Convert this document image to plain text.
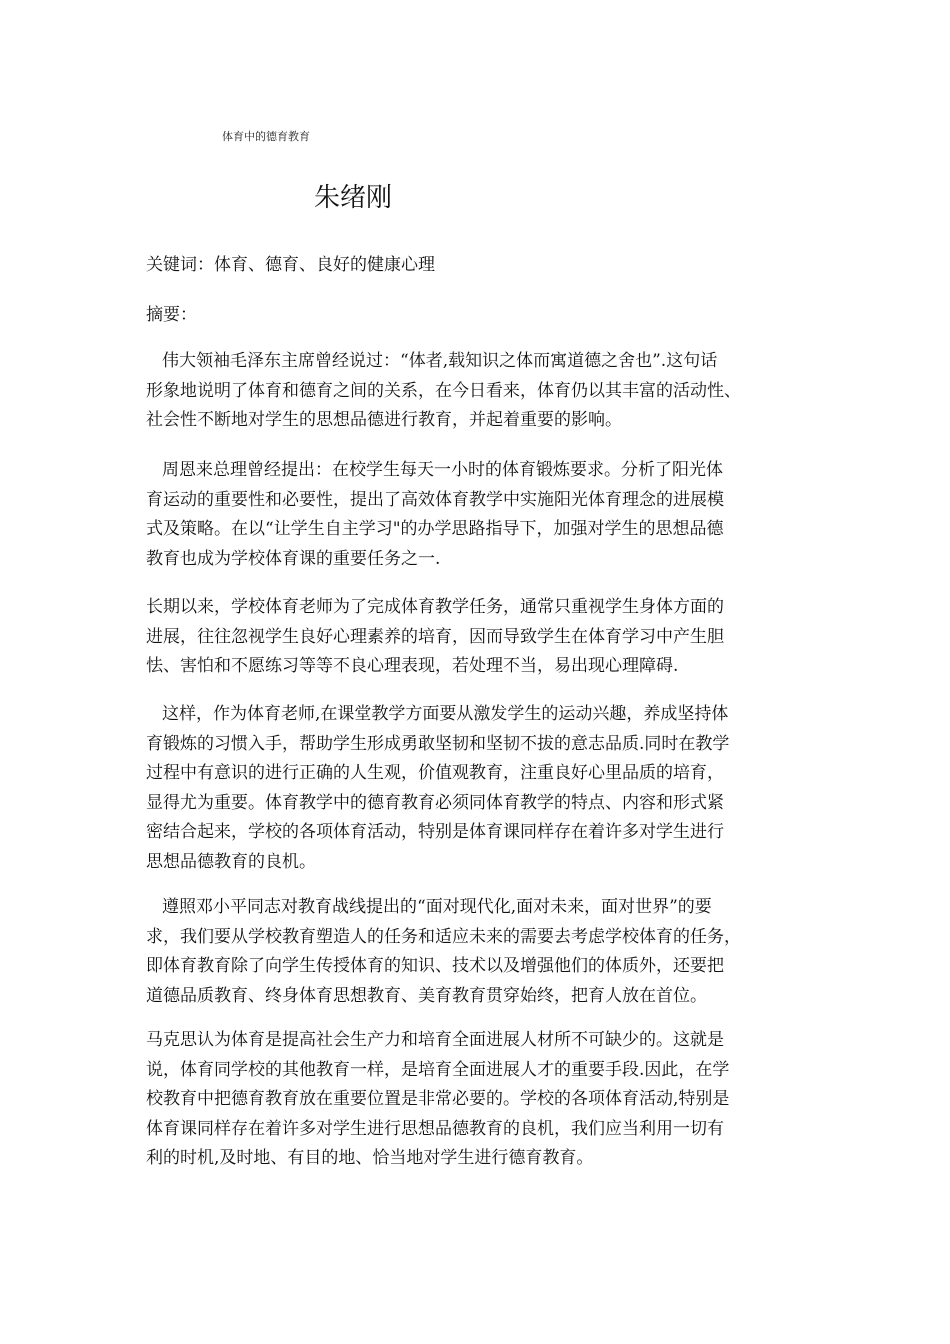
体育中的德育教育
朱绪刚
关键词：体育、德育、良好的健康心理
摘要：

伟大领袖毛泽东主席曾经说过：“体者,载知识之体而寓道德之舍也”.这句话
形象地说明了体育和德育之间的关系，在今日看来，体育仍以其丰富的活动性、
社会性不断地对学生的思想品德进行教育，并起着重要的影响。

周恩来总理曾经提出：在校学生每天一小时的体育锻炼要求。分析了阳光体
育运动的重要性和必要性，提出了高效体育教学中实施阳光体育理念的进展模
式及策略。在以“让学生自主学习"的办学思路指导下，加强对学生的思想品德
教育也成为学校体育课的重要任务之一.

长期以来，学校体育老师为了完成体育教学任务，通常只重视学生身体方面的
进展，往往忽视学生良好心理素养的培育，因而导致学生在体育学习中产生胆
怯、害怕和不愿练习等等不良心理表现，若处理不当，易出现心理障碍.

这样，作为体育老师,在课堂教学方面要从激发学生的运动兴趣，养成坚持体
育锻炼的习惯入手，帮助学生形成勇敢坚韧和坚韧不拔的意志品质.同时在教学
过程中有意识的进行正确的人生观，价值观教育，注重良好心里品质的培育，
显得尤为重要。体育教学中的德育教育必须同体育教学的特点、内容和形式紧
密结合起来，学校的各项体育活动，特别是体育课同样存在着许多对学生进行
思想品德教育的良机。

遵照邓小平同志对教育战线提出的“面对现代化,面对未来，面对世界”的要
求，我们要从学校教育塑造人的任务和适应未来的需要去考虑学校体育的任务，
即体育教育除了向学生传授体育的知识、技术以及增强他们的体质外，还要把
道德品质教育、终身体育思想教育、美育教育贯穿始终，把育人放在首位。

马克思认为体育是提高社会生产力和培育全面进展人材所不可缺少的。这就是
说，体育同学校的其他教育一样，是培育全面进展人才的重要手段.因此，在学
校教育中把德育教育放在重要位置是非常必要的。学校的各项体育活动,特别是
体育课同样存在着许多对学生进行思想品德教育的良机，我们应当利用一切有
利的时机,及时地、有目的地、恰当地对学生进行德育教育。
